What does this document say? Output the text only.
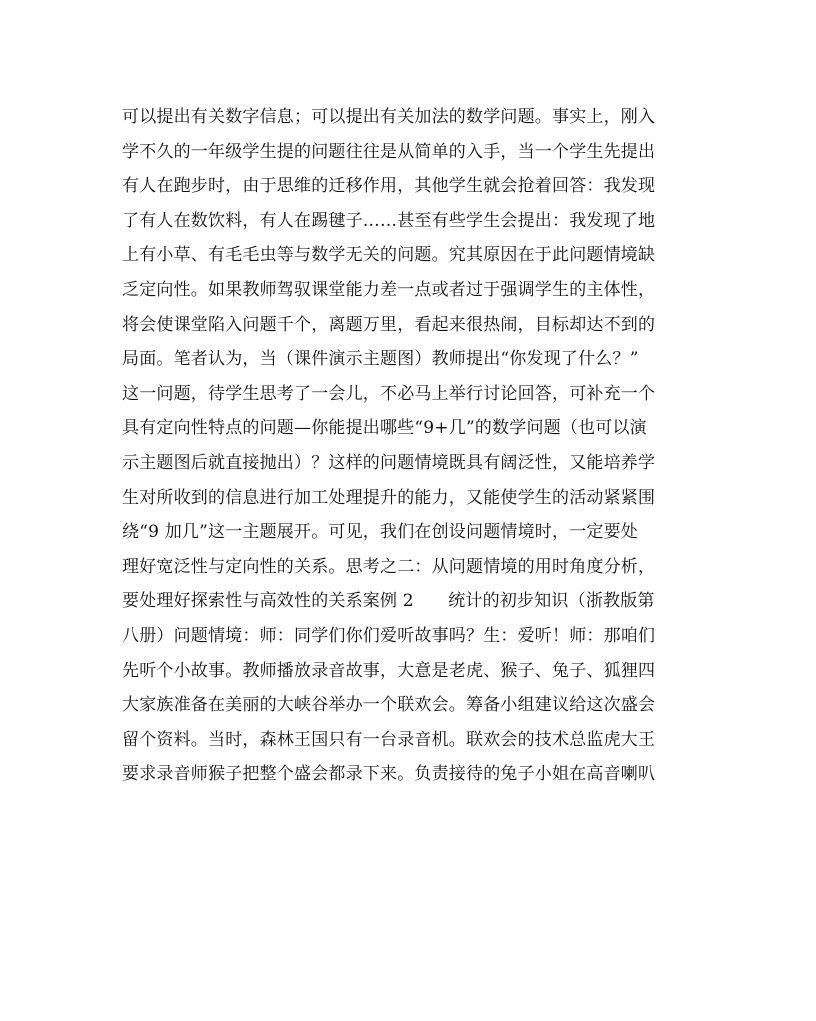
可以提出有关数字信息；可以提出有关加法的数学问题。事实上，刚入
学不久的一年级学生提的问题往往是从简单的入手，当一个学生先提出
有人在跑步时，由于思维的迁移作用，其他学生就会抢着回答：我发现
了有人在数饮料，有人在踢毽子……甚至有些学生会提出：我发现了地
上有小草、有毛毛虫等与数学无关的问题。究其原因在于此问题情境缺
乏定向性。如果教师驾驭课堂能力差一点或者过于强调学生的主体性，
将会使课堂陷入问题千个，离题万里，看起来很热闹，目标却达不到的
局面。笔者认为，当（课件演示主题图）教师提出“你发现了什么？”
这一问题，待学生思考了一会儿，不必马上举行讨论回答，可补充一个
具有定向性特点的问题—你能提出哪些“9+几”的数学问题（也可以演
示主题图后就直接抛出）？这样的问题情境既具有阔泛性，又能培养学
生对所收到的信息进行加工处理提升的能力，又能使学生的活动紧紧围
绕“9 加几”这一主题展开。可见，我们在创设问题情境时，一定要处
理好宽泛性与定向性的关系。思考之二：从问题情境的用时角度分析，
要处理好探索性与高效性的关系案例 2　　统计的初步知识（浙教版第
八册）问题情境：师：同学们你们爱听故事吗？生：爱听！师：那咱们
先听个小故事。教师播放录音故事，大意是老虎、猴子、兔子、狐狸四
大家族准备在美丽的大峡谷举办一个联欢会。筹备小组建议给这次盛会
留个资料。当时，森林王国只有一台录音机。联欢会的技术总监虎大王
要求录音师猴子把整个盛会都录下来。负责接待的兔子小姐在高音喇叭
